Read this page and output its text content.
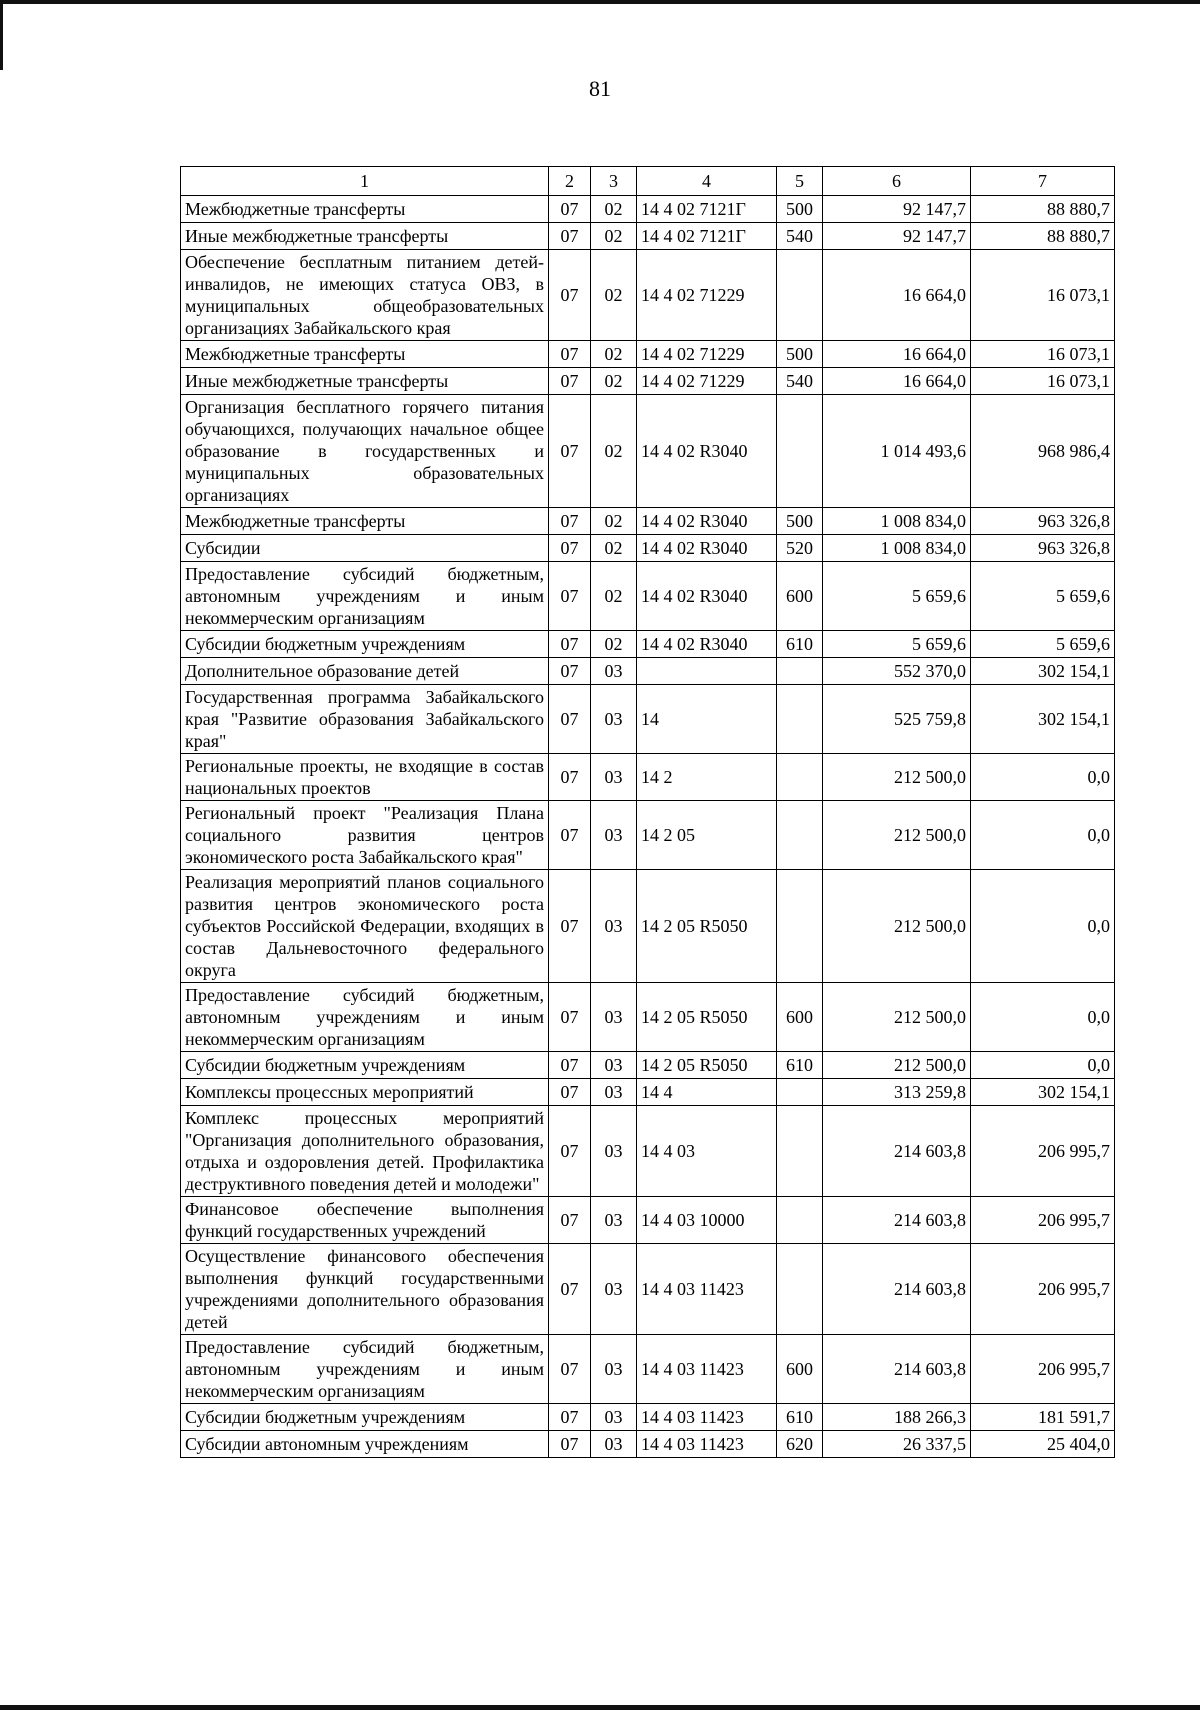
81
1	2	3	4	5	6	7
Межбюджетные трансферты	07	02	14 4 02 7121Г	500	92 147,7	88 880,7
Иные межбюджетные трансферты	07	02	14 4 02 7121Г	540	92 147,7	88 880,7
Обеспечение бесплатным питанием детей-инвалидов, не имеющих статуса ОВЗ, в муниципальных общеобразовательных организациях Забайкальского края	07	02	14 4 02 71229		16 664,0	16 073,1
Межбюджетные трансферты	07	02	14 4 02 71229	500	16 664,0	16 073,1
Иные межбюджетные трансферты	07	02	14 4 02 71229	540	16 664,0	16 073,1
Организация бесплатного горячего питания обучающихся, получающих начальное общее образование в государственных и муниципальных образовательных организациях	07	02	14 4 02 R3040		1 014 493,6	968 986,4
Межбюджетные трансферты	07	02	14 4 02 R3040	500	1 008 834,0	963 326,8
Субсидии	07	02	14 4 02 R3040	520	1 008 834,0	963 326,8
Предоставление субсидий бюджетным, автономным учреждениям и иным некоммерческим организациям	07	02	14 4 02 R3040	600	5 659,6	5 659,6
Субсидии бюджетным учреждениям	07	02	14 4 02 R3040	610	5 659,6	5 659,6
Дополнительное образование детей	07	03			552 370,0	302 154,1
Государственная программа Забайкальского края "Развитие образования Забайкальского края"	07	03	14		525 759,8	302 154,1
Региональные проекты, не входящие в состав национальных проектов	07	03	14 2		212 500,0	0,0
Региональный проект "Реализация Плана социального развития центров экономического роста Забайкальского края"	07	03	14 2 05		212 500,0	0,0
Реализация мероприятий планов социального развития центров экономического роста субъектов Российской Федерации, входящих в состав Дальневосточного федерального округа	07	03	14 2 05 R5050		212 500,0	0,0
Предоставление субсидий бюджетным, автономным учреждениям и иным некоммерческим организациям	07	03	14 2 05 R5050	600	212 500,0	0,0
Субсидии бюджетным учреждениям	07	03	14 2 05 R5050	610	212 500,0	0,0
Комплексы процессных мероприятий	07	03	14 4		313 259,8	302 154,1
Комплекс процессных мероприятий "Организация дополнительного образования, отдыха и оздоровления детей. Профилактика деструктивного поведения детей и молодежи"	07	03	14 4 03		214 603,8	206 995,7
Финансовое обеспечение выполнения функций государственных учреждений	07	03	14 4 03 10000		214 603,8	206 995,7
Осуществление финансового обеспечения выполнения функций государственными учреждениями дополнительного образования детей	07	03	14 4 03 11423		214 603,8	206 995,7
Предоставление субсидий бюджетным, автономным учреждениям и иным некоммерческим организациям	07	03	14 4 03 11423	600	214 603,8	206 995,7
Субсидии бюджетным учреждениям	07	03	14 4 03 11423	610	188 266,3	181 591,7
Субсидии автономным учреждениям	07	03	14 4 03 11423	620	26 337,5	25 404,0
